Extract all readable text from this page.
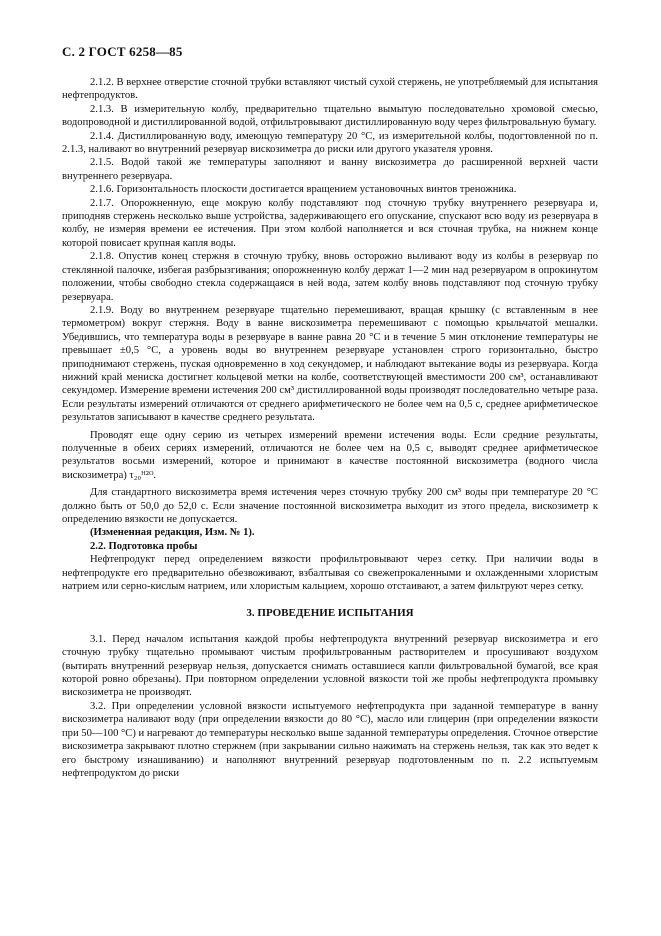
С. 2 ГОСТ 6258—85

2.1.2. В верхнее отверстие сточной трубки вставляют чистый сухой стержень, не употребляемый для испытания нефтепродуктов.

2.1.3. В измерительную колбу, предварительно тщательно вымытую последовательно хромовой смесью, водопроводной и дистиллированной водой, отфильтровывают дистиллированную воду через фильтровальную бумагу.

2.1.4. Дистиллированную воду, имеющую температуру 20 °С, из измерительной колбы, подогтовленной по п. 2.1.3, наливают во внутренний резервуар вискозиметра до риски или другого указателя уровня.

2.1.5. Водой такой же температуры заполняют и ванну вискозиметра до расширенной верхней части внутреннего резервуара.

2.1.6. Горизонтальность плоскости достигается вращением установочных винтов треножника.

2.1.7. Опорожненную, еще мокрую колбу подставляют под сточную трубку внутреннего резервуара и, приподняв стержень несколько выше устройства, задерживающего его опускание, спускают всю воду из резервуара в колбу, не измеряя времени ее истечения. При этом колбой наполняется и вся сточная трубка, на нижнем конце которой повисает крупная капля воды.

2.1.8. Опустив конец стержня в сточную трубку, вновь осторожно выливают воду из колбы в резервуар по стеклянной палочке, избегая разбрызгивания; опорожненную колбу держат 1—2 мин над резервуаром в опрокинутом положении, чтобы свободно стекла содержащаяся в ней вода, затем колбу вновь подставляют под сточную трубку резервуара.

2.1.9. Воду во внутреннем резервуаре тщательно перемешивают, вращая крышку (с вставленным в нее термометром) вокруг стержня. Воду в ванне вискозиметра перемешивают с помощью крыльчатой мешалки. Убедившись, что температура воды в резервуаре в ванне равна 20 °С и в течение 5 мин отклонение температуры не превышает ±0,5 °С, а уровень воды во внутреннем резервуаре установлен строго горизонтально, быстро приподнимают стержень, пуская одновременно в ход секундомер, и наблюдают вытекание воды из резервуара. Когда нижний край мениска достигнет кольцевой метки на колбе, соответствующей вместимости 200 см³, останавливают секундомер. Измерение времени истечения 200 см³ дистиллированной воды производят последовательно четыре раза. Если результаты измерений отличаются от среднего арифметического не более чем на 0,5 с, среднее арифметическое результатов записывают в качестве среднего результата.

Проводят еще одну серию из четырех измерений времени истечения воды. Если средние результаты, полученные в обеих сериях измерений, отличаются не более чем на 0,5 с, выводят среднее арифметическое результатов восьми измерений, которое и принимают в качестве постоянной вискозиметра (водного числа вискозиметра) τ₂₀ᴴ²ᴼ.

Для стандартного вискозиметра время истечения через сточную трубку 200 см³ воды при температуре 20 °С должно быть от 50,0 до 52,0 с. Если значение постоянной вискозиметра выходит из этого предела, вискозиметр к определению вязкости не допускается.

(Измененная редакция, Изм. № 1).

2.2. Подготовка пробы

Нефтепродукт перед определением вязкости профильтровывают через сетку. При наличии воды в нефтепродукте его предварительно обезвоживают, взбалтывая со свежепрокаленными и охлажденными хлористым натрием или серно-кислым натрием, или хлористым кальцием, хорошо отстаивают, а затем фильтруют через сетку.

3. ПРОВЕДЕНИЕ ИСПЫТАНИЯ

3.1. Перед началом испытания каждой пробы нефтепродукта внутренний резервуар вискозиметра и его сточную трубку тщательно промывают чистым профильтрованным растворителем и просушивают воздухом (вытирать внутренний резервуар нельзя, допускается снимать оставшиеся капли фильтровальной бумагой, все края которой ровно обрезаны). При повторном определении условной вязкости той же пробы нефтепродукта промывку вискозиметра не производят.

3.2. При определении условной вязкости испытуемого нефтепродукта при заданной температуре в ванну вискозиметра наливают воду (при определении вязкости до 80 °С), масло или глицерин (при определении вязкости при 50—100 °С) и нагревают до температуры несколько выше заданной температуры определения. Сточное отверстие вискозиметра закрывают плотно стержнем (при закрывании сильно нажимать на стержень нельзя, так как это ведет к его быстрому изнашиванию) и наполняют внутренний резервуар подготовленным по п. 2.2 испытуемым нефтепродуктом до риски
